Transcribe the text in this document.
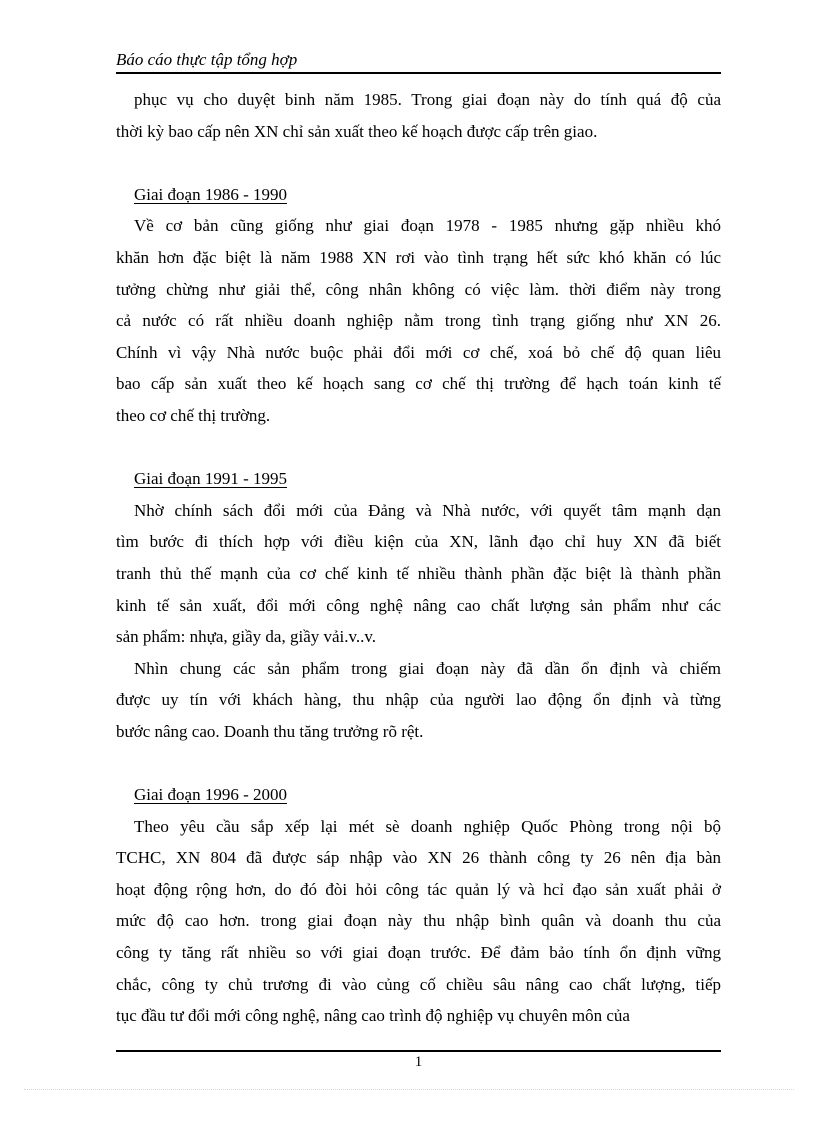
Báo cáo thực tập tổng hợp
phục vụ cho duyệt binh năm 1985. Trong giai đoạn này do tính quá độ của
thời kỳ bao cấp nên XN chỉ sản xuất theo kế hoạch được cấp trên giao.
Giai đoạn 1986 - 1990
Về cơ bản cũng giống như giai đoạn 1978 - 1985 nhưng gặp nhiều khó
khăn hơn đặc biệt là năm 1988 XN rơi vào tình trạng hết sức khó khăn có lúc
tưởng chừng như giải thể, công nhân không có việc làm. thời điểm này trong
cả nước có rất nhiều doanh nghiệp nằm trong tình trạng giống như XN 26.
Chính vì vậy Nhà nước buộc phải đổi mới cơ chế, xoá bỏ chế độ quan liêu
bao cấp sản xuất theo kế hoạch sang cơ chế thị trường để hạch toán kinh tế
theo cơ chế thị trường.
Giai đoạn 1991 - 1995
Nhờ chính sách đổi mới của Đảng và Nhà nước, với quyết tâm mạnh dạn
tìm bước đi thích hợp với điều kiện của XN, lãnh đạo chỉ huy XN đã biết
tranh thủ thế mạnh của cơ chế kinh tế nhiều thành phần đặc biệt là thành phần
kinh tế sản xuất, đổi mới công nghệ nâng cao chất lượng sản phẩm như các
sản phẩm: nhựa, giầy da, giầy vải.v..v.
Nhìn chung các sản phẩm trong giai đoạn này đã dần ổn định và chiếm
được uy tín với khách hàng, thu nhập của người lao động ổn định và từng
bước nâng cao. Doanh thu tăng trưởng rõ rệt.
Giai đoạn 1996 - 2000
Theo yêu cầu sắp xếp lại mét sè doanh nghiệp Quốc Phòng trong nội bộ
TCHC, XN 804 đã được sáp nhập vào XN 26 thành công ty 26 nên địa bàn
hoạt động rộng hơn, do đó đòi hỏi công tác quản lý và hcỉ đạo sản xuất phải ở
mức độ cao hơn. trong giai đoạn này thu nhập bình quân và doanh thu của
công ty tăng rất nhiều so với giai đoạn trước. Để đảm bảo tính ổn định vững
chắc, công ty chủ trương đi vào củng cố chiều sâu nâng cao chất lượng, tiếp
tục đầu tư đổi mới công nghệ, nâng cao trình độ nghiệp vụ chuyên môn của
1
